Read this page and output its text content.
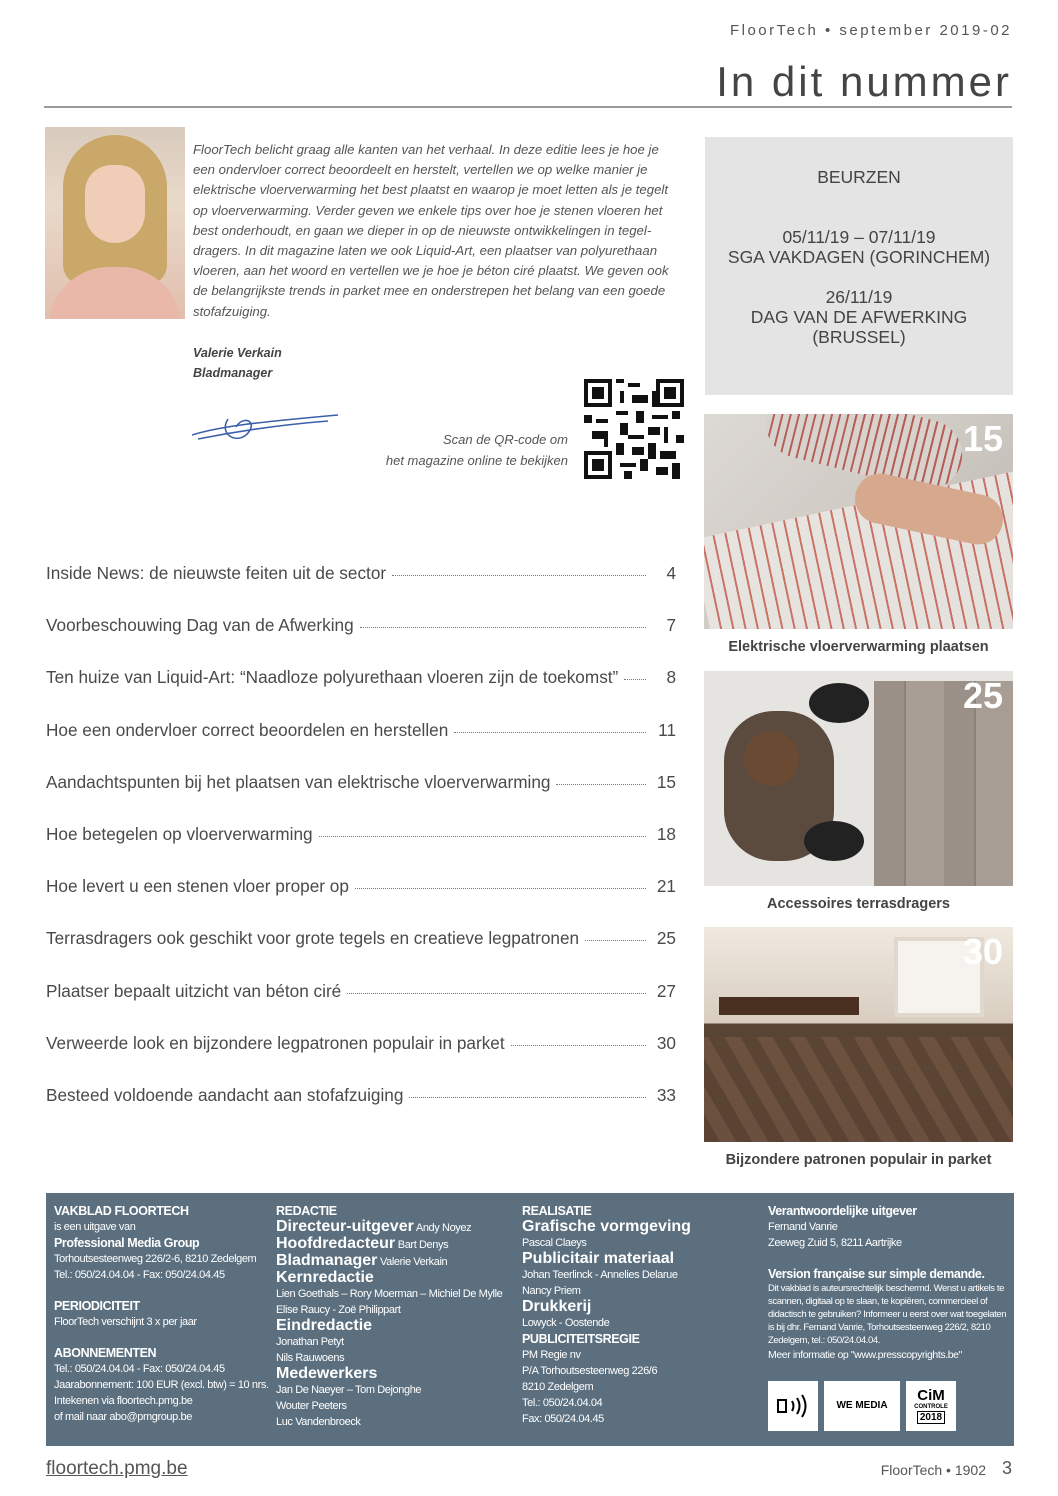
FloorTech • september 2019-02
In dit nummer

FloorTech belicht graag alle kanten van het verhaal. In deze editie lees je hoe je een ondervloer correct beoordeelt en herstelt, vertellen we op welke manier je elektrische vloerverwarming het best plaatst en waarop je moet letten als je tegelt op vloerverwarming. Verder geven we enkele tips over hoe je stenen vloeren het best onderhoudt, en gaan we dieper in op de nieuwste ontwikkelingen in tegel-dragers. In dit magazine laten we ook Liquid-Art, een plaatser van polyurethaan vloeren, aan het woord en vertellen we je hoe je béton ciré plaatst. We geven ook de belangrijkste trends in parket mee en onderstrepen het belang van een goede stofafzuiging.

Valerie Verkain
Bladmanager
Scan de QR-code om
het magazine online te bekijken
BEURZEN
05/11/19 – 07/11/19
SGA VAKDAGEN (GORINCHEM)
26/11/19
DAG VAN DE AFWERKING (BRUSSEL)
15
Elektrische vloerverwarming plaatsen
25
Accessoires terrasdragers
30
Bijzondere patronen populair in parket
Inside News: de nieuwste feiten uit de sector	4
Voorbeschouwing Dag van de Afwerking	7
Ten huize van Liquid-Art: “Naadloze polyurethaan vloeren zijn de toekomst”	8
Hoe een ondervloer correct beoordelen en herstellen	11
Aandachtspunten bij het plaatsen van elektrische vloerverwarming	15
Hoe betegelen op vloerverwarming	18
Hoe levert u een stenen vloer proper op	21
Terrasdragers ook geschikt voor grote tegels en creatieve legpatronen	25
Plaatser bepaalt uitzicht van béton ciré	27
Verweerde look en bijzondere legpatronen populair in parket	30
Besteed voldoende aandacht aan stofafzuiging	33
VAKBLAD FLOORTECH
is een uitgave van
Professional Media Group
Torhoutsesteenweg 226/2-6, 8210 Zedelgem
Tel.: 050/24.04.04 - Fax: 050/24.04.45
PERIODICITEIT
FloorTech verschijnt 3 x per jaar
ABONNEMENTEN
Tel.: 050/24.04.04 - Fax: 050/24.04.45
Jaarabonnement: 100 EUR (excl. btw) = 10 nrs.
Intekenen via floortech.pmg.be
of mail naar abo@pmgroup.be
REDACTIE
Directeur-uitgever Andy Noyez
Hoofdredacteur Bart Denys
Bladmanager Valerie Verkain
Kernredactie
Lien Goethals – Rory Moerman – Michiel De Mylle
Elise Raucy - Zoë Philippart
Eindredactie
Jonathan Petyt
Nils Rauwoens
Medewerkers
Jan De Naeyer – Tom Dejonghe
Wouter Peeters
Luc Vandenbroeck
REALISATIE
Grafische vormgeving
Pascal Claeys
Publicitair materiaal
Johan Teerlinck - Annelies Delarue
Nancy Priem
Drukkerij
Lowyck - Oostende
PUBLICITEITSREGIE
PM Regie nv
P/A Torhoutsesteenweg 226/6
8210 Zedelgem
Tel.: 050/24.04.04
Fax: 050/24.04.45
Verantwoordelijke uitgever
Fernand Vanrie
Zeeweg Zuid 5, 8211 Aartrijke
Version française sur simple demande.
Dit vakblad is auteursrechtelijk beschermd. Wenst u artikels te scannen, digitaal op te slaan, te kopiëren, commercieel of didactisch te gebruiken? Informeer u eerst over wat toegelaten is bij dhr. Fernand Vanrie, Torhoutsesteenweg 226/2, 8210 Zedelgem, tel.: 050/24.04.04.
Meer informatie op "www.presscopyrights.be"
WE MEDIA
CiM
CONTROLE
2018
floortech.pmg.be	FloorTech • 1902 3
